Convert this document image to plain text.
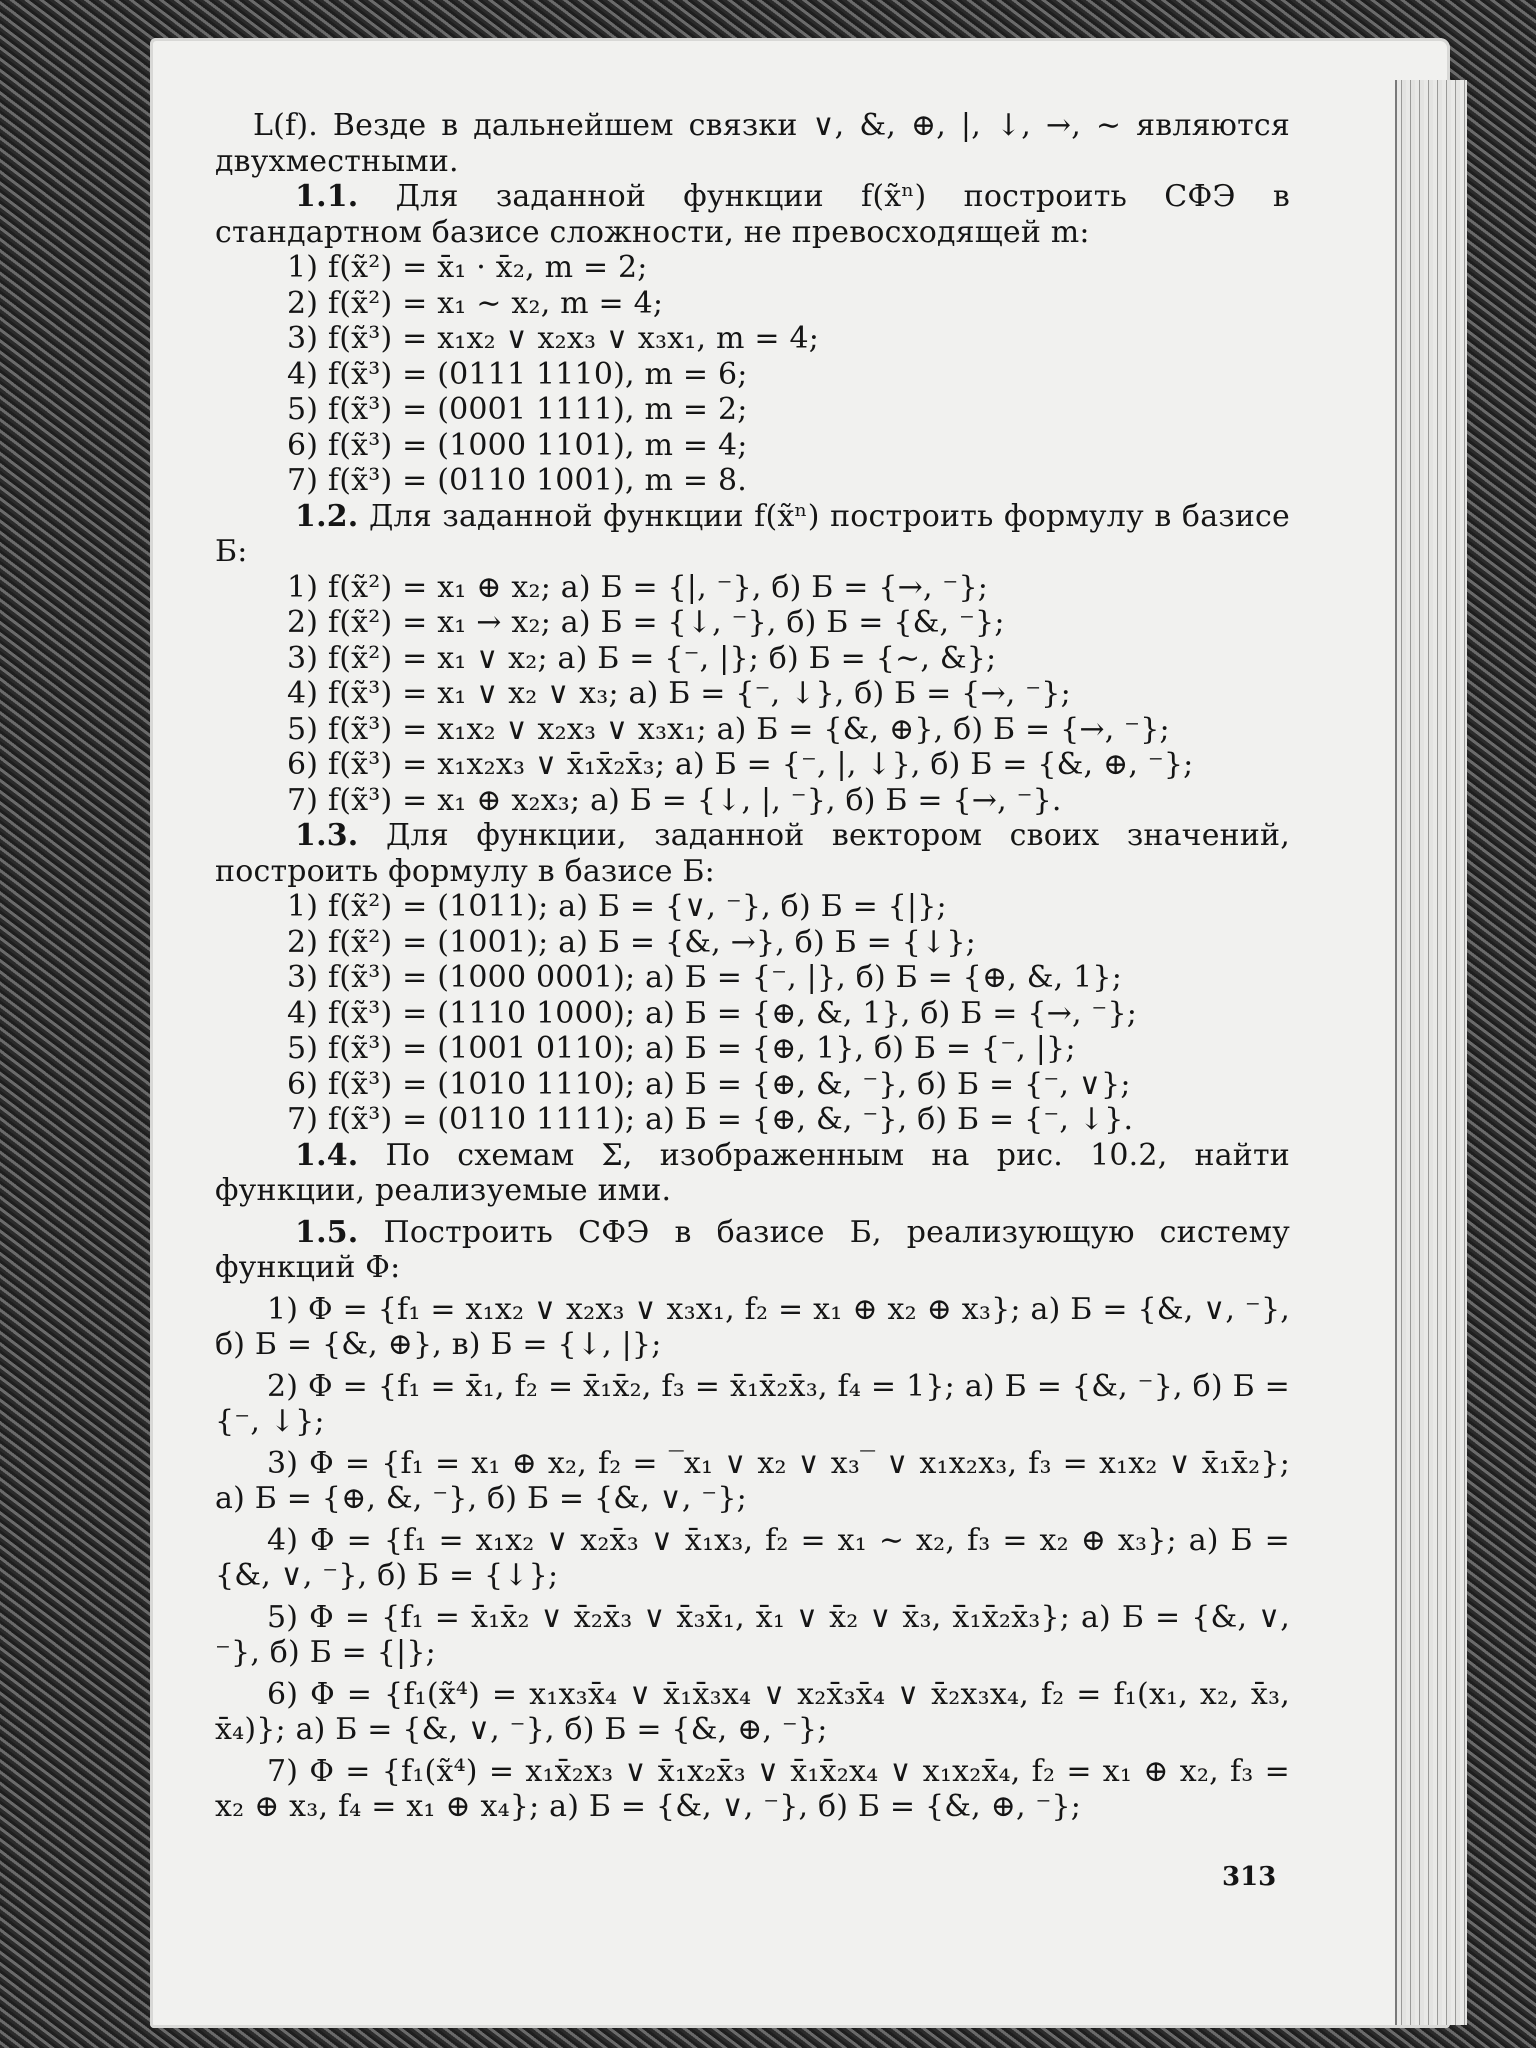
L(f). Везде в дальнейшем связки ∨, &, ⊕, |, ↓, →, ∼ являются двухместными.

1.1. Для заданной функции f(x̃ⁿ) построить СФЭ в стандартном базисе сложности, не превосходящей m:

1) f(x̃²) = x̄₁ · x̄₂, m = 2;

2) f(x̃²) = x₁ ∼ x₂, m = 4;

3) f(x̃³) = x₁x₂ ∨ x₂x₃ ∨ x₃x₁, m = 4;

4) f(x̃³) = (0111 1110), m = 6;

5) f(x̃³) = (0001 1111), m = 2;

6) f(x̃³) = (1000 1101), m = 4;

7) f(x̃³) = (0110 1001), m = 8.

1.2. Для заданной функции f(x̃ⁿ) построить формулу в базисе Б:

1) f(x̃²) = x₁ ⊕ x₂; а) Б = {|, ⁻}, б) Б = {→, ⁻};

2) f(x̃²) = x₁ → x₂; а) Б = {↓, ⁻}, б) Б = {&, ⁻};

3) f(x̃²) = x₁ ∨ x₂; а) Б = {⁻, |}; б) Б = {∼, &};

4) f(x̃³) = x₁ ∨ x₂ ∨ x₃; а) Б = {⁻, ↓}, б) Б = {→, ⁻};

5) f(x̃³) = x₁x₂ ∨ x₂x₃ ∨ x₃x₁; а) Б = {&, ⊕}, б) Б = {→, ⁻};

6) f(x̃³) = x₁x₂x₃ ∨ x̄₁x̄₂x̄₃; а) Б = {⁻, |, ↓}, б) Б = {&, ⊕, ⁻};

7) f(x̃³) = x₁ ⊕ x₂x₃; а) Б = {↓, |, ⁻}, б) Б = {→, ⁻}.

1.3. Для функции, заданной вектором своих значений, построить формулу в базисе Б:

1) f(x̃²) = (1011); а) Б = {∨, ⁻}, б) Б = {|};

2) f(x̃²) = (1001); а) Б = {&, →}, б) Б = {↓};

3) f(x̃³) = (1000 0001); а) Б = {⁻, |}, б) Б = {⊕, &, 1};

4) f(x̃³) = (1110 1000); а) Б = {⊕, &, 1}, б) Б = {→, ⁻};

5) f(x̃³) = (1001 0110); а) Б = {⊕, 1}, б) Б = {⁻, |};

6) f(x̃³) = (1010 1110); а) Б = {⊕, &, ⁻}, б) Б = {⁻, ∨};

7) f(x̃³) = (0110 1111); а) Б = {⊕, &, ⁻}, б) Б = {⁻, ↓}.

1.4. По схемам Σ, изображенным на рис. 10.2, найти функции, реализуемые ими.

1.5. Построить СФЭ в базисе Б, реализующую систему функций Φ:

1) Φ = {f₁ = x₁x₂ ∨ x₂x₃ ∨ x₃x₁, f₂ = x₁ ⊕ x₂ ⊕ x₃}; а) Б = {&, ∨, ⁻}, б) Б = {&, ⊕}, в) Б = {↓, |};

2) Φ = {f₁ = x̄₁, f₂ = x̄₁x̄₂, f₃ = x̄₁x̄₂x̄₃, f₄ = 1}; а) Б = {&, ⁻}, б) Б = {⁻, ↓};

3) Φ = {f₁ = x₁ ⊕ x₂, f₂ = ‾x₁ ∨ x₂ ∨ x₃‾ ∨ x₁x₂x₃, f₃ = x₁x₂ ∨ x̄₁x̄₂}; а) Б = {⊕, &, ⁻}, б) Б = {&, ∨, ⁻};

4) Φ = {f₁ = x₁x₂ ∨ x₂x̄₃ ∨ x̄₁x₃, f₂ = x₁ ∼ x₂, f₃ = x₂ ⊕ x₃}; а) Б = {&, ∨, ⁻}, б) Б = {↓};

5) Φ = {f₁ = x̄₁x̄₂ ∨ x̄₂x̄₃ ∨ x̄₃x̄₁, x̄₁ ∨ x̄₂ ∨ x̄₃, x̄₁x̄₂x̄₃}; а) Б = {&, ∨, ⁻}, б) Б = {|};

6) Φ = {f₁(x̃⁴) = x₁x₃x̄₄ ∨ x̄₁x̄₃x₄ ∨ x₂x̄₃x̄₄ ∨ x̄₂x₃x₄, f₂ = f₁(x₁, x₂, x̄₃, x̄₄)}; а) Б = {&, ∨, ⁻}, б) Б = {&, ⊕, ⁻};

7) Φ = {f₁(x̃⁴) = x₁x̄₂x₃ ∨ x̄₁x₂x̄₃ ∨ x̄₁x̄₂x₄ ∨ x₁x₂x̄₄, f₂ = x₁ ⊕ x₂, f₃ = x₂ ⊕ x₃, f₄ = x₁ ⊕ x₄}; а) Б = {&, ∨, ⁻}, б) Б = {&, ⊕, ⁻};

313
